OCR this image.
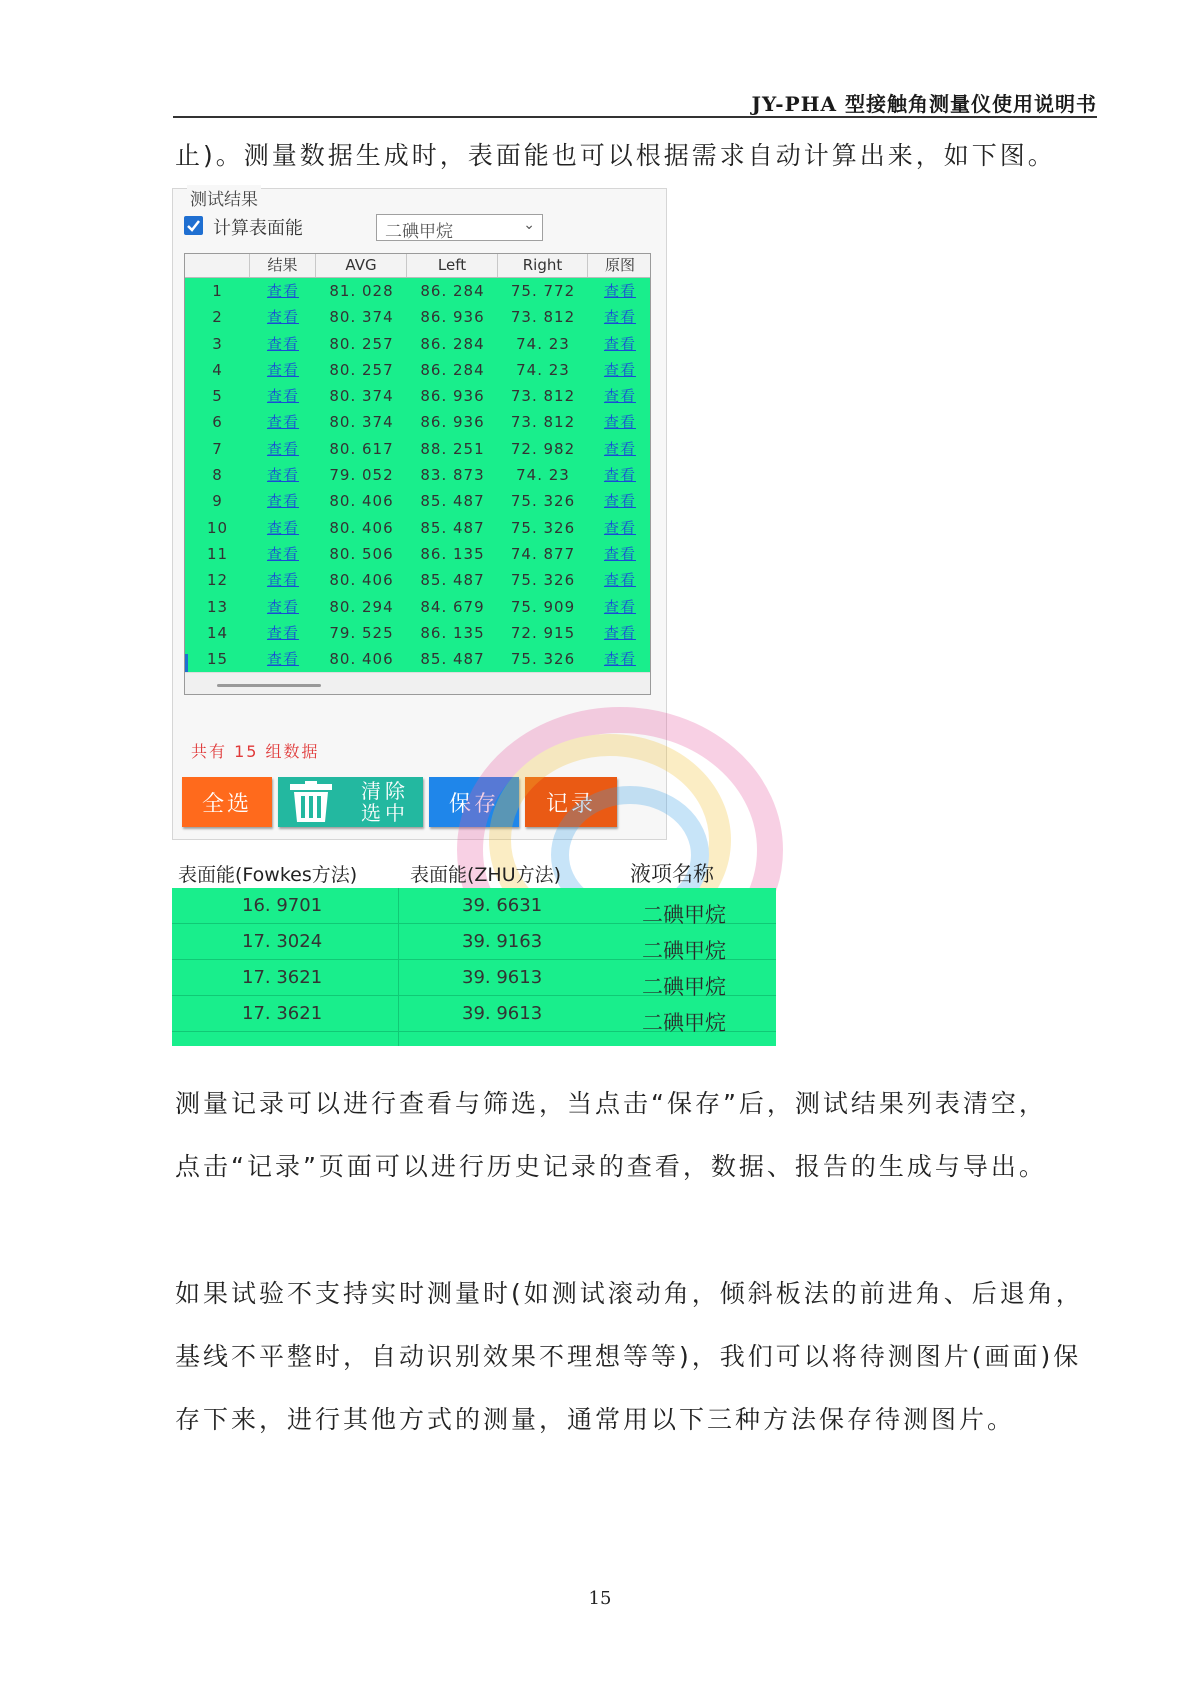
JY-PHA 型接触角测量仪使用说明书
止)。测量数据生成时，表面能也可以根据需求自动计算出来，如下图。
测试结果
计算表面能	二碘甲烷	⌄
结果	AVG	Left	Right	原图
1	查看	81. 028	86. 284	75. 772	查看
2	查看	80. 374	86. 936	73. 812	查看
3	查看	80. 257	86. 284	74. 23	查看
4	查看	80. 257	86. 284	74. 23	查看
5	查看	80. 374	86. 936	73. 812	查看
6	查看	80. 374	86. 936	73. 812	查看
7	查看	80. 617	88. 251	72. 982	查看
8	查看	79. 052	83. 873	74. 23	查看
9	查看	80. 406	85. 487	75. 326	查看
10	查看	80. 406	85. 487	75. 326	查看
11	查看	80. 506	86. 135	74. 877	查看
12	查看	80. 406	85. 487	75. 326	查看
13	查看	80. 294	84. 679	75. 909	查看
14	查看	79. 525	86. 135	72. 915	查看
15	查看	80. 406	85. 487	75. 326	查看
共有 15 组数据
全选
清除
选中	保存	记录
表面能(Fowkes方法)	表面能(ZHU方法)	液项名称
16. 9701	39. 6631	二碘甲烷
17. 3024	39. 9163	二碘甲烷
17. 3621	39. 9613	二碘甲烷
17. 3621	39. 9613	二碘甲烷
测量记录可以进行查看与筛选，当点击“保存”后，测试结果列表清空，
点击“记录”页面可以进行历史记录的查看，数据、报告的生成与导出。
如果试验不支持实时测量时(如测试滚动角，倾斜板法的前进角、后退角，
基线不平整时，自动识别效果不理想等等)，我们可以将待测图片(画面)保
存下来，进行其他方式的测量，通常用以下三种方法保存待测图片。
15
